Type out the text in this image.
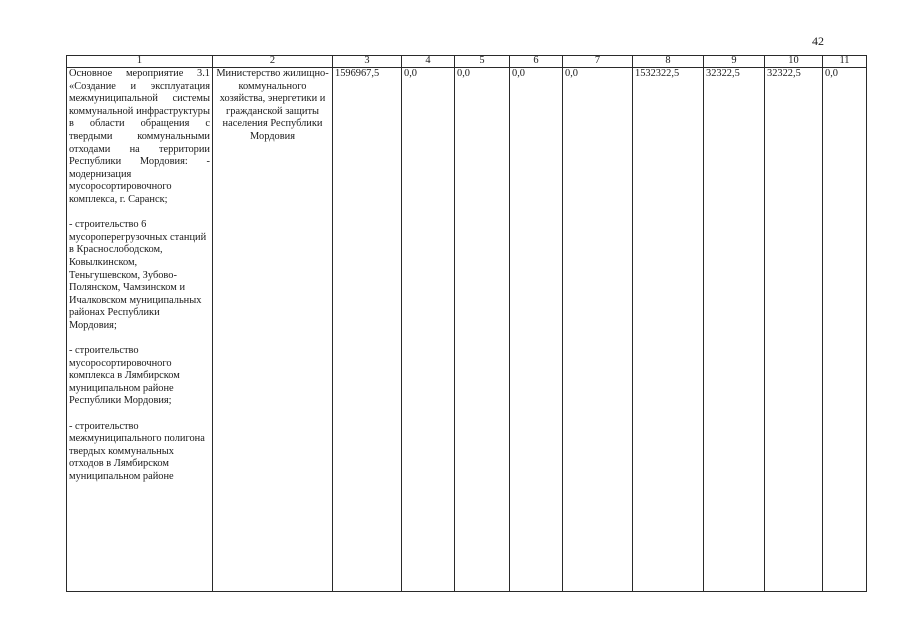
42
1	2	3	4	5	6	7	8	9	10	11

Основное мероприятие 3.1 «Создание и эксплуатация межмуниципальной системы коммунальной инфраструктуры в области обращения с твердыми коммунальными отходами на территории Республики Мордовия: - модернизация мусоросортировочного комплекса, г. Саранск;

- строительство 6 мусороперегрузочных станций в Краснослободском, Ковылкинском, Теньгушевском, Зубово-Полянском, Чамзинском и Ичалковском муниципальных районах Республики Мордовия;

- строительство мусоросортировочного комплекса в Лямбирском муниципальном районе Республики Мордовия;

- строительство межмуниципального полигона твердых коммунальных отходов в Лямбирском муниципальном районе	Министерство жилищно-коммунального хозяйства, энергетики и гражданской защиты населения Республики Мордовия	1596967,5	0,0	0,0	0,0	0,0	1532322,5	32322,5	32322,5	0,0
